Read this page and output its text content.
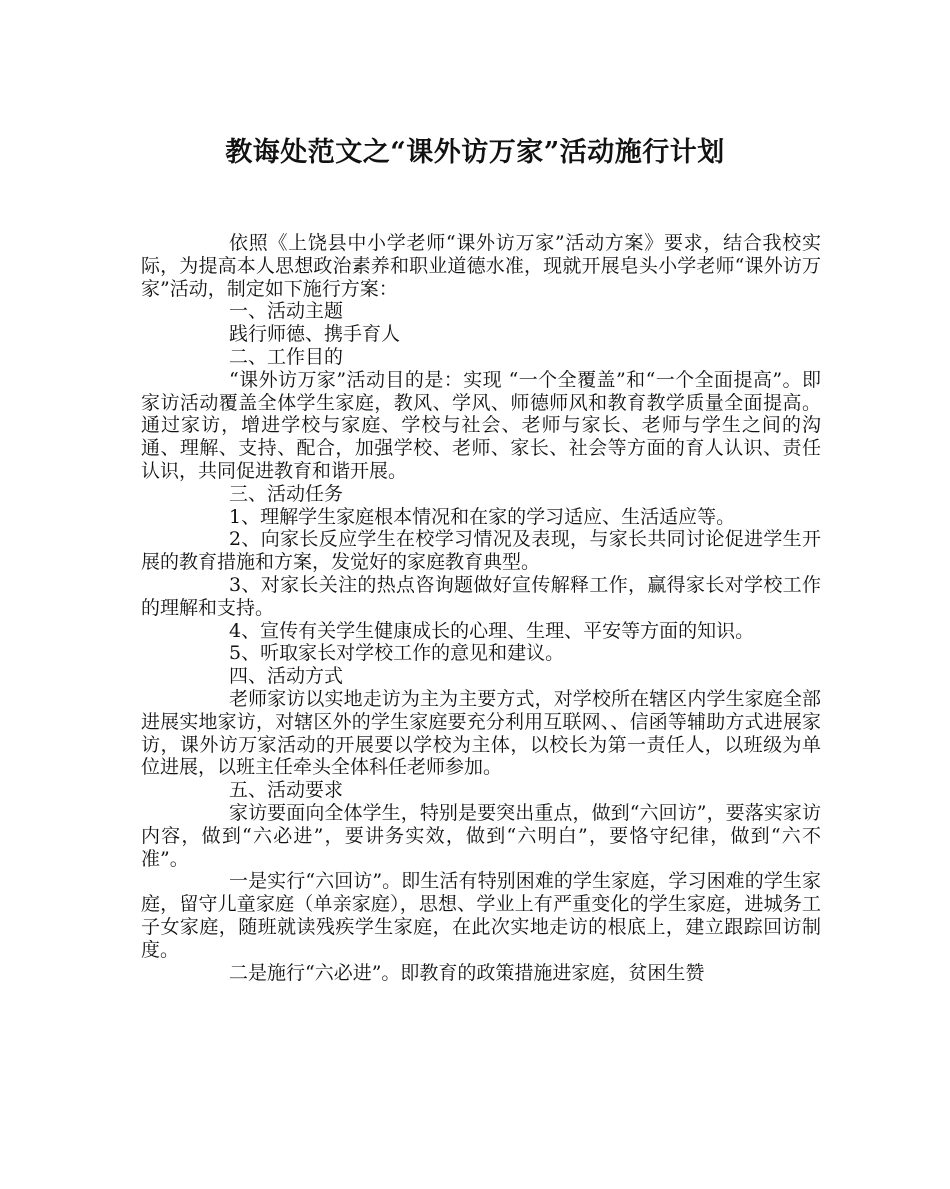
教诲处范文之“课外访万家”活动施行计划

依照《上饶县中小学老师“课外访万家”活动方案》要求，结合我校实际，为提高本人思想政治素养和职业道德水准，现就开展皂头小学老师“课外访万家”活动，制定如下施行方案：

一、活动主题

践行师德、携手育人

二、工作目的

“课外访万家”活动目的是：实现 “一个全覆盖”和“一个全面提高”。即家访活动覆盖全体学生家庭，教风、学风、师德师风和教育教学质量全面提高。通过家访，增进学校与家庭、学校与社会、老师与家长、老师与学生之间的沟通、理解、支持、配合，加强学校、老师、家长、社会等方面的育人认识、责任认识，共同促进教育和谐开展。

三、活动任务

1、理解学生家庭根本情况和在家的学习适应、生活适应等。

2、向家长反应学生在校学习情况及表现，与家长共同讨论促进学生开展的教育措施和方案，发觉好的家庭教育典型。

3、对家长关注的热点咨询题做好宣传解释工作，赢得家长对学校工作的理解和支持。

4、宣传有关学生健康成长的心理、生理、平安等方面的知识。

5、听取家长对学校工作的意见和建议。

四、活动方式

老师家访以实地走访为主为主要方式，对学校所在辖区内学生家庭全部进展实地家访，对辖区外的学生家庭要充分利用互联网、、信函等辅助方式进展家访，课外访万家活动的开展要以学校为主体，以校长为第一责任人，以班级为单位进展，以班主任牵头全体科任老师参加。

五、活动要求

家访要面向全体学生，特别是要突出重点，做到“六回访”，要落实家访内容，做到“六必进”，要讲务实效，做到“六明白”，要恪守纪律，做到“六不准”。

一是实行“六回访”。即生活有特别困难的学生家庭，学习困难的学生家庭，留守儿童家庭（单亲家庭），思想、学业上有严重变化的学生家庭，进城务工子女家庭，随班就读残疾学生家庭，在此次实地走访的根底上，建立跟踪回访制度。

二是施行“六必进”。即教育的政策措施进家庭，贫困生赞
